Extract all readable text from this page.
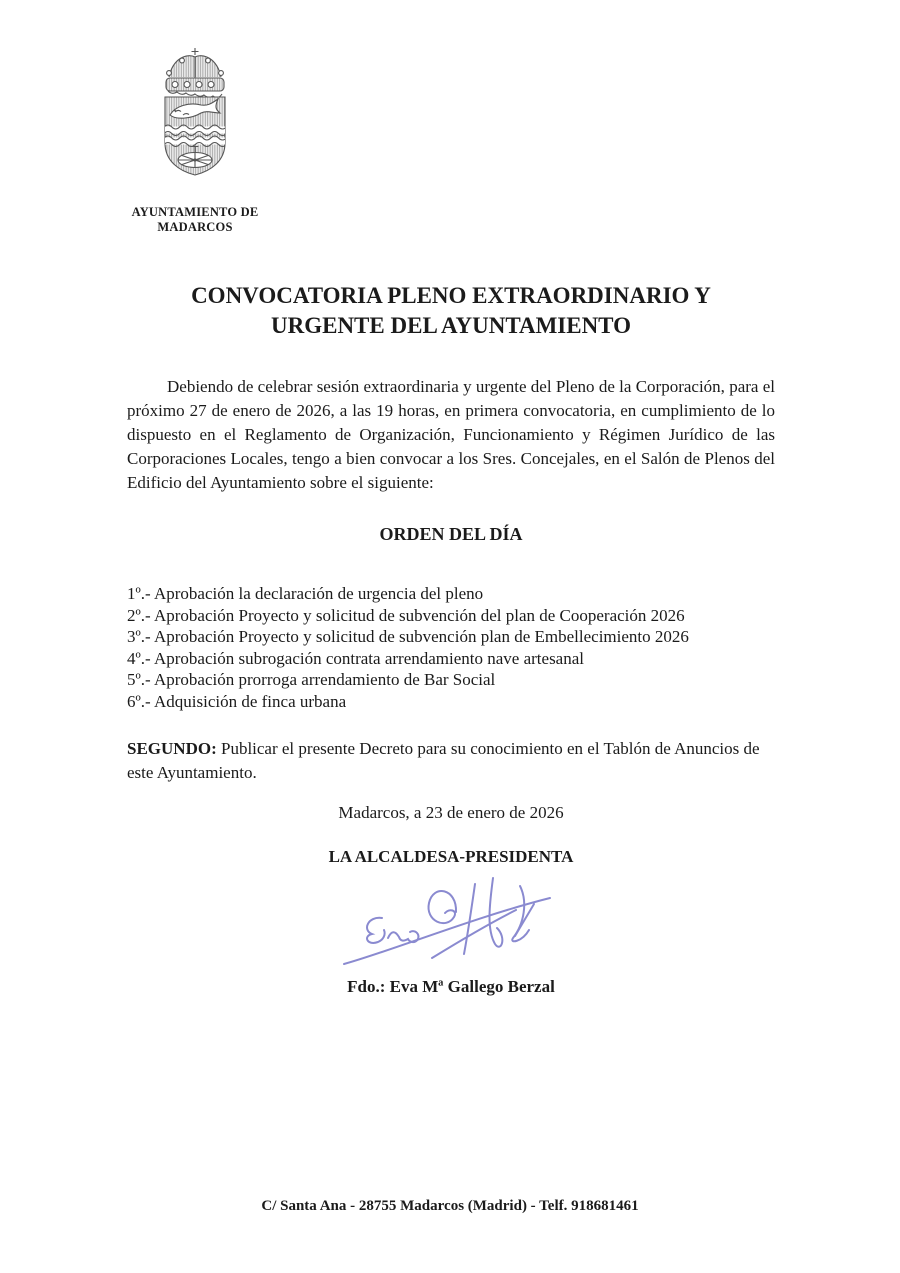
AYUNTAMIENTO DE
MADARCOS
CONVOCATORIA PLENO EXTRAORDINARIO Y
URGENTE DEL AYUNTAMIENTO

Debiendo de celebrar sesión extraordinaria y urgente del Pleno de la Corporación, para el próximo 27 de enero de 2026, a las 19 horas, en primera convocatoria, en cumplimiento de lo dispuesto en el Reglamento de Organización, Funcionamiento y Régimen Jurídico de las Corporaciones Locales, tengo a bien convocar a los Sres. Concejales, en el Salón de Plenos del Edificio del Ayuntamiento sobre el siguiente:

ORDEN DEL DÍA
1º.- Aprobación la declaración de urgencia del pleno
2º.- Aprobación Proyecto y solicitud de subvención del plan de Cooperación 2026
3º.- Aprobación Proyecto y solicitud de subvención plan de Embellecimiento 2026
4º.- Aprobación subrogación contrata arrendamiento nave artesanal
5º.- Aprobación prorroga arrendamiento de Bar Social
6º.- Adquisición de finca urbana

SEGUNDO: Publicar el presente Decreto para su conocimiento en el Tablón de Anuncios de este Ayuntamiento.

Madarcos, a 23 de enero de 2026
LA ALCALDESA-PRESIDENTA
Fdo.: Eva Mª Gallego Berzal
C/ Santa Ana - 28755 Madarcos (Madrid) - Telf. 918681461
